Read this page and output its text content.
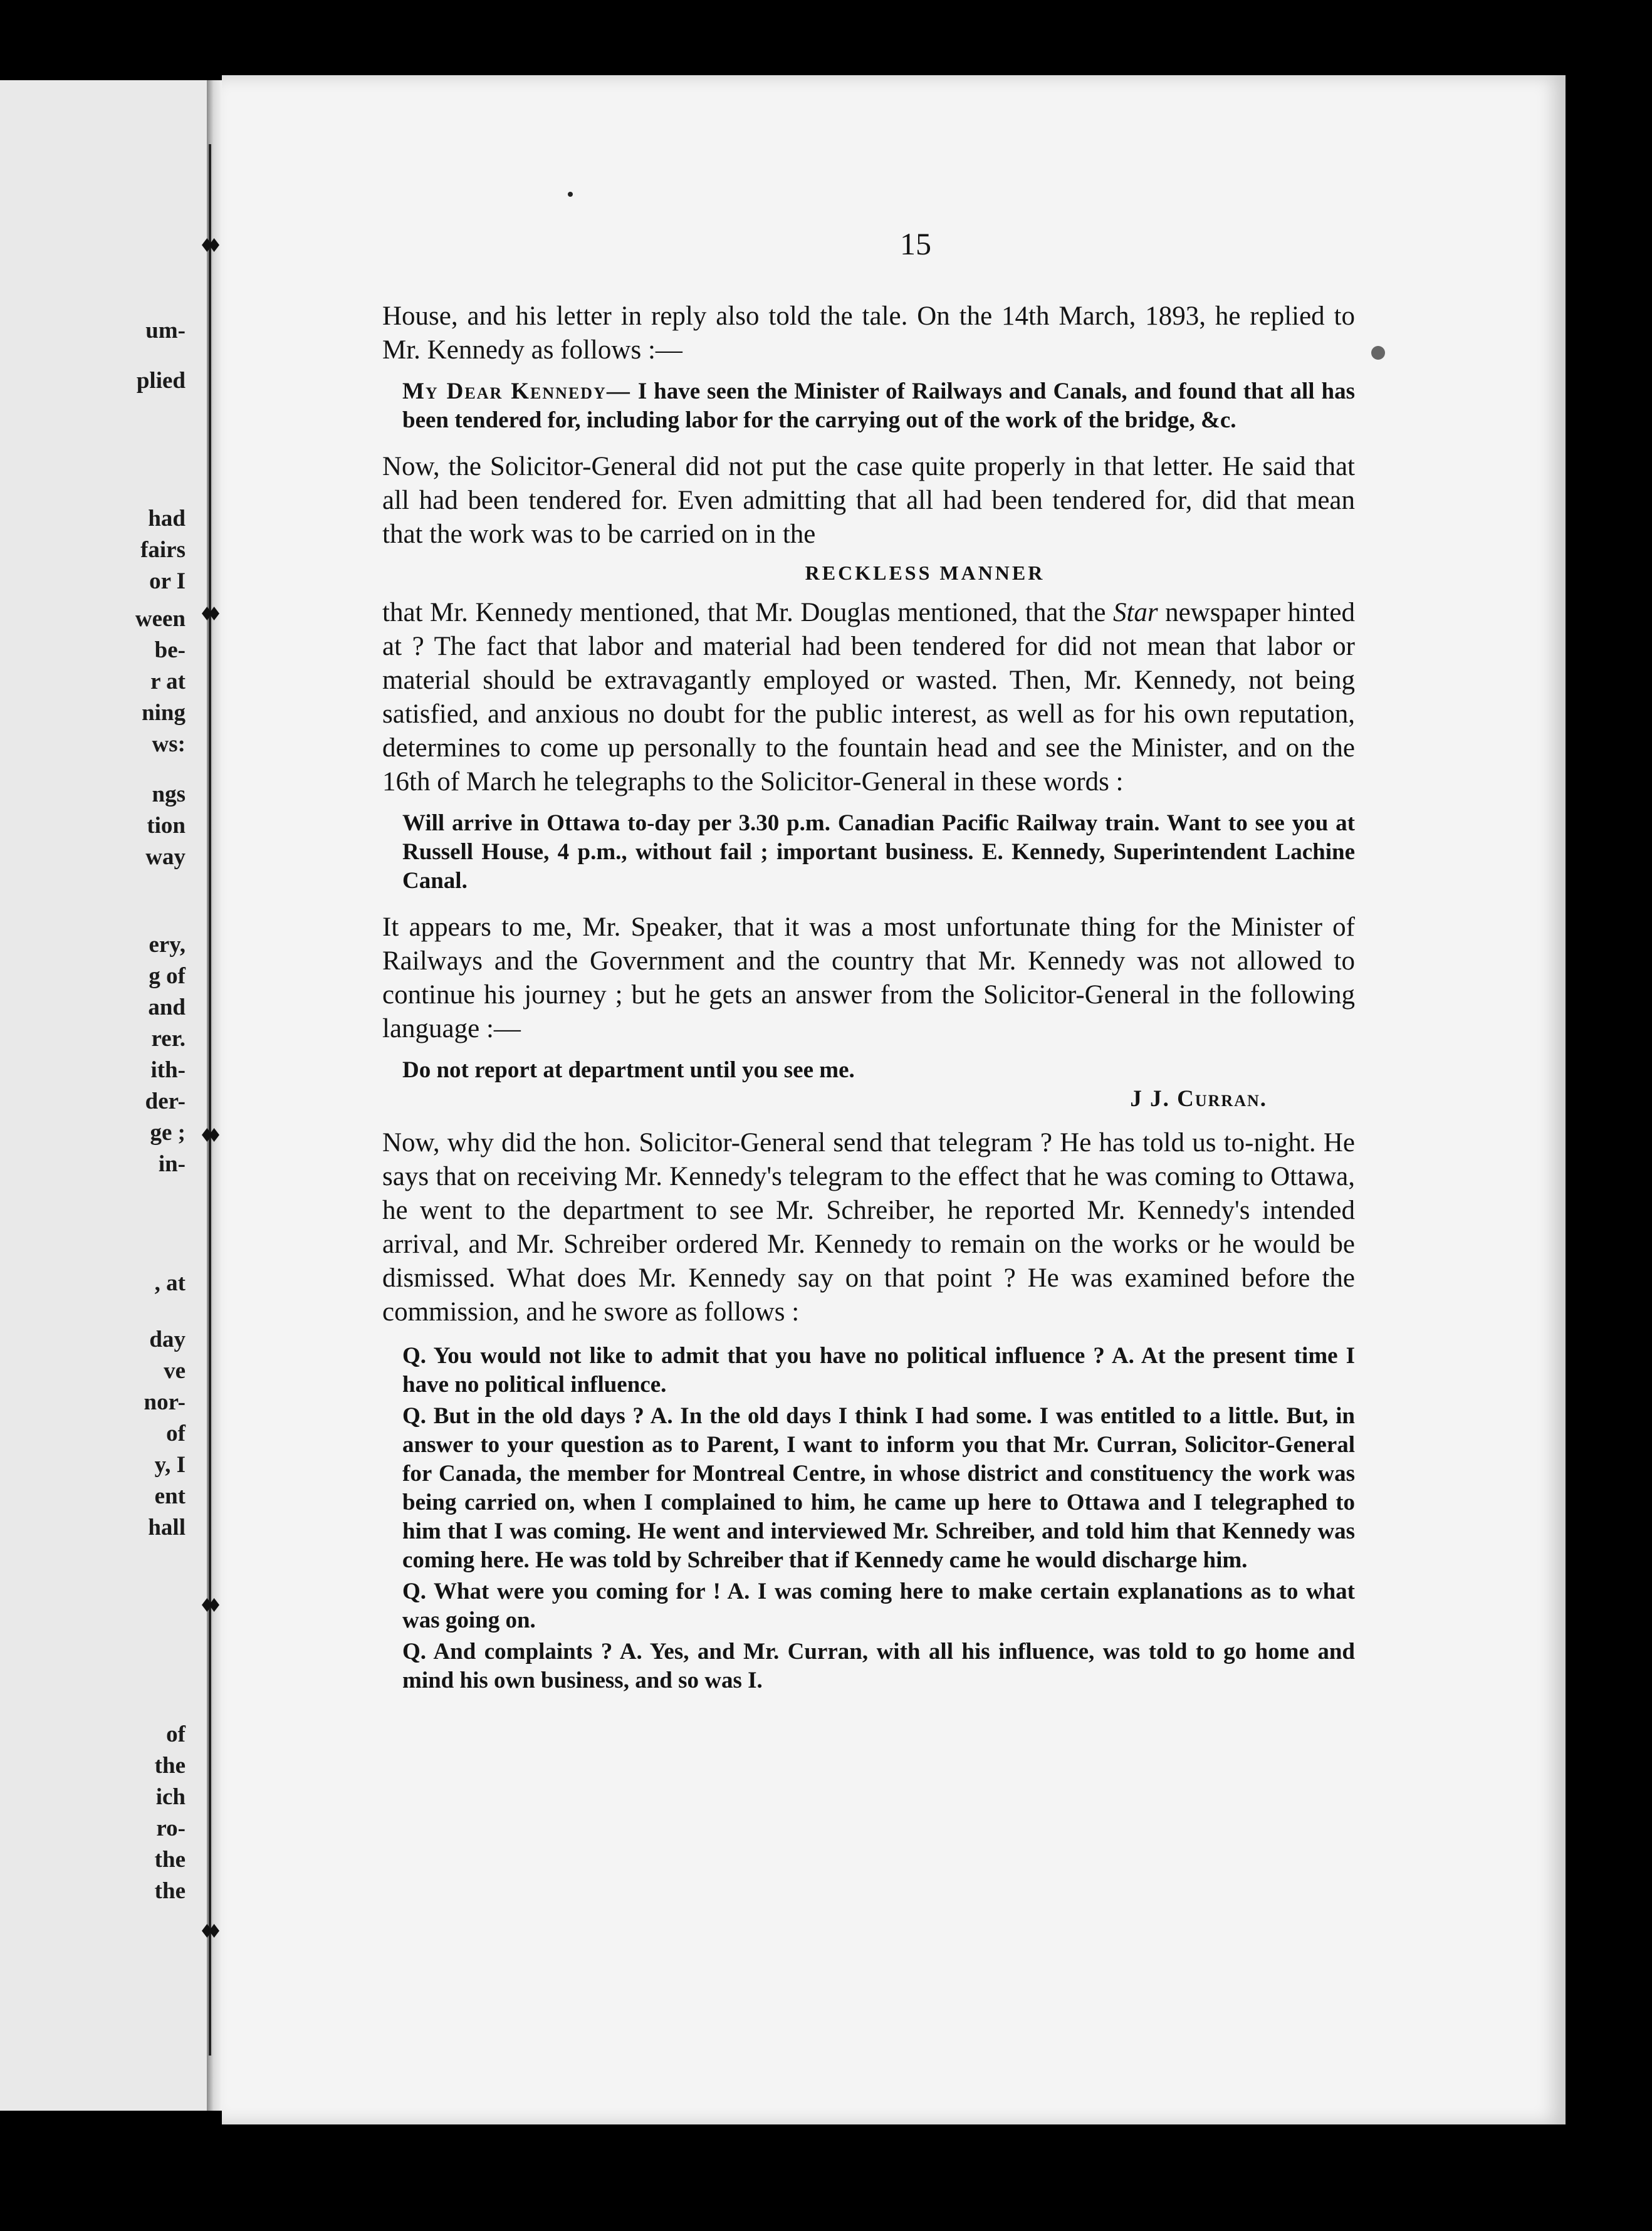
um-
plied
had
fairs
or I
ween
be-
r at
ning
ws:
ngs
tion
way
ery,
g of
and
rer.
ith-
der-
ge ;
in-
, at
day
ve
nor-
of
y, I
ent
hall
of
the
ich
ro-
the
the
15

House, and his letter in reply also told the tale. On the 14th March, 1893, he replied to Mr. Kennedy as follows :—

My Dear Kennedy— I have seen the Minister of Railways and Canals, and found that all has been tendered for, including labor for the carrying out of the work of the bridge, &c.

Now, the Solicitor-General did not put the case quite properly in that letter. He said that all had been tendered for. Even admitting that all had been tendered for, did that mean that the work was to be carried on in the

RECKLESS MANNER

that Mr. Kennedy mentioned, that Mr. Douglas mentioned, that the Star newspaper hinted at ? The fact that labor and material had been tendered for did not mean that labor or material should be extravagantly employed or wasted. Then, Mr. Kennedy, not being satisfied, and anxious no doubt for the public interest, as well as for his own reputation, determines to come up personally to the fountain head and see the Minister, and on the 16th of March he telegraphs to the Solicitor-General in these words :

Will arrive in Ottawa to-day per 3.30 p.m. Canadian Pacific Railway train. Want to see you at Russell House, 4 p.m., without fail ; important business. E. Kennedy, Superintendent Lachine Canal.

It appears to me, Mr. Speaker, that it was a most unfortunate thing for the Minister of Railways and the Government and the country that Mr. Kennedy was not allowed to continue his journey ; but he gets an answer from the Solicitor-General in the following language :—

Do not report at department until you see me.

J J. Curran.

Now, why did the hon. Solicitor-General send that telegram ? He has told us to-night. He says that on receiving Mr. Kennedy's telegram to the effect that he was coming to Ottawa, he went to the department to see Mr. Schreiber, he reported Mr. Kennedy's intended arrival, and Mr. Schreiber ordered Mr. Kennedy to remain on the works or he would be dismissed. What does Mr. Kennedy say on that point ? He was examined before the commission, and he swore as follows :

Q. You would not like to admit that you have no political influence ? A. At the present time I have no political influence.

Q. But in the old days ? A. In the old days I think I had some. I was entitled to a little. But, in answer to your question as to Parent, I want to inform you that Mr. Curran, Solicitor-General for Canada, the member for Montreal Centre, in whose district and constituency the work was being carried on, when I complained to him, he came up here to Ottawa and I telegraphed to him that I was coming. He went and interviewed Mr. Schreiber, and told him that Kennedy was coming here. He was told by Schreiber that if Kennedy came he would discharge him.

Q. What were you coming for ! A. I was coming here to make certain explanations as to what was going on.

Q. And complaints ? A. Yes, and Mr. Curran, with all his influence, was told to go home and mind his own business, and so was I.
